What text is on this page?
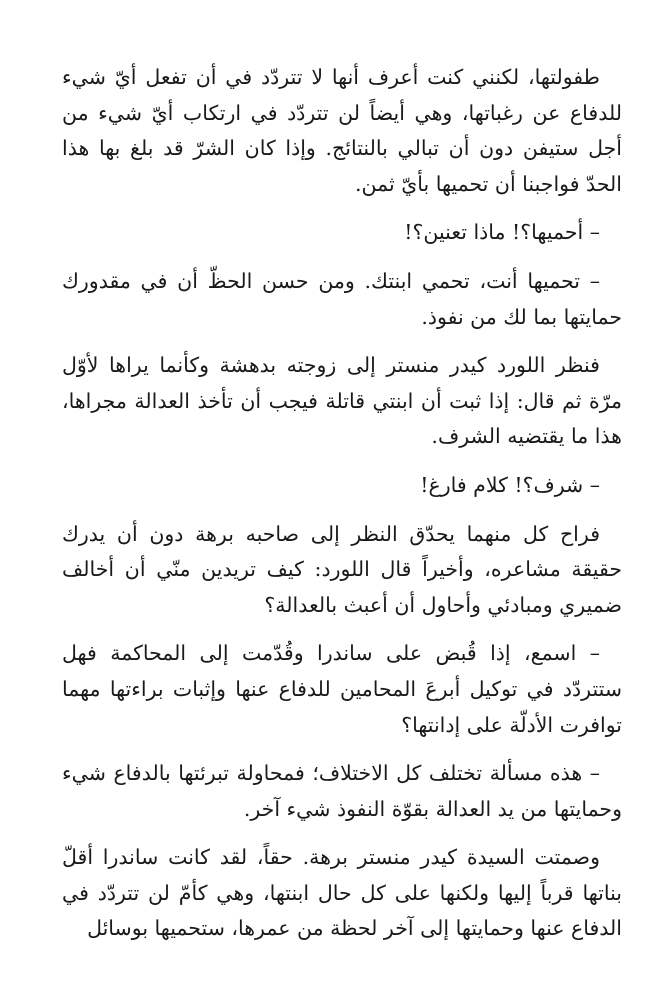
طفولتها، لكنني كنت أعرف أنها لا تتردّد في أن تفعل أيّ شيء للدفاع عن رغباتها، وهي أيضاً لن تتردّد في ارتكاب أيّ شيء من أجل ستيفن دون أن تبالي بالنتائج. وإذا كان الشرّ قد بلغ بها هذا الحدّ فواجبنا أن تحميها بأيّ ثمن.

– أحميها؟! ماذا تعنين؟!

– تحميها أنت، تحمي ابنتك. ومن حسن الحظّ أن في مقدورك حمايتها بما لك من نفوذ.

فنظر اللورد كيدر منستر إلى زوجته بدهشة وكأنما يراها لأوّل مرّة ثم قال: إذا ثبت أن ابنتي قاتلة فيجب أن تأخذ العدالة مجراها، هذا ما يقتضيه الشرف.

– شرف؟! كلام فارغ!

فراح كل منهما يحدّق النظر إلى صاحبه برهة دون أن يدرك حقيقة مشاعره، وأخيراً قال اللورد: كيف تريدين منّي أن أخالف ضميري ومبادئي وأحاول أن أعبث بالعدالة؟

– اسمع، إذا قُبض على ساندرا وقُدّمت إلى المحاكمة فهل ستتردّد في توكيل أبرعَ المحامين للدفاع عنها وإثبات براءتها مهما توافرت الأدلّة على إدانتها؟

– هذه مسألة تختلف كل الاختلاف؛ فمحاولة تبرئتها بالدفاع شيء وحمايتها من يد العدالة بقوّة النفوذ شيء آخر.

وصمتت السيدة كيدر منستر برهة. حقاً، لقد كانت ساندرا أقلّ بناتها قرباً إليها ولكنها على كل حال ابنتها، وهي كأمّ لن تتردّد في الدفاع عنها وحمايتها إلى آخر لحظة من عمرها، ستحميها بوسائل
